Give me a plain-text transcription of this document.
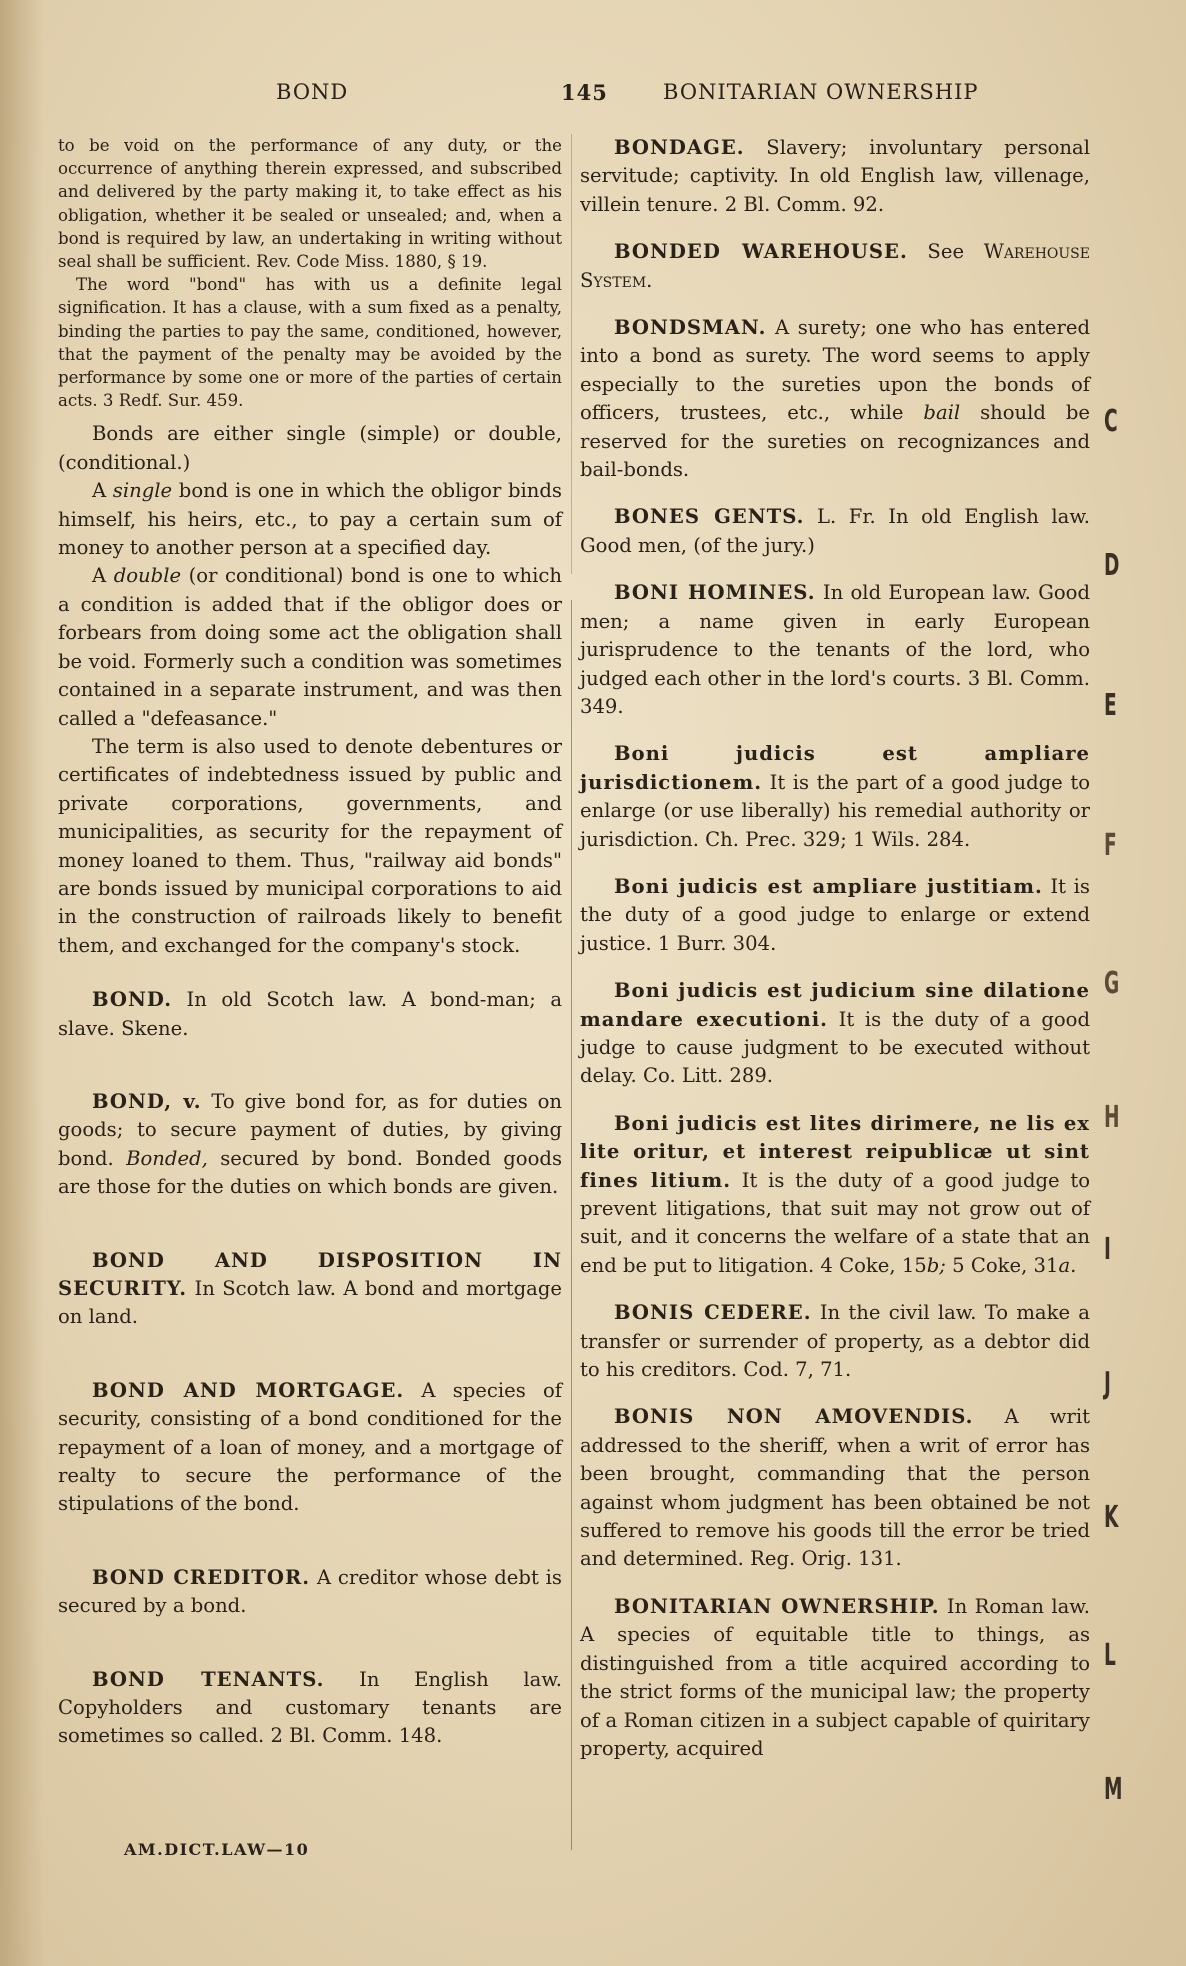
BOND	145	BONITARIAN OWNERSHIP

to be void on the performance of any duty, or the occurrence of anything therein expressed, and subscribed and delivered by the party making it, to take effect as his obligation, whether it be sealed or unsealed; and, when a bond is required by law, an undertaking in writing without seal shall be sufficient. Rev. Code Miss. 1880, § 19.

The word "bond" has with us a definite legal signification. It has a clause, with a sum fixed as a penalty, binding the parties to pay the same, conditioned, however, that the payment of the penalty may be avoided by the performance by some one or more of the parties of certain acts. 3 Redf. Sur. 459.

Bonds are either single (simple) or double, (conditional.)

A single bond is one in which the obligor binds himself, his heirs, etc., to pay a certain sum of money to another person at a specified day.

A double (or conditional) bond is one to which a condition is added that if the obligor does or forbears from doing some act the obligation shall be void. Formerly such a condition was sometimes contained in a separate instrument, and was then called a "defeasance."

The term is also used to denote debentures or certificates of indebtedness issued by public and private corporations, governments, and municipalities, as security for the repayment of money loaned to them. Thus, "railway aid bonds" are bonds issued by municipal corporations to aid in the construction of railroads likely to benefit them, and exchanged for the company's stock.

BOND. In old Scotch law. A bond-man; a slave. Skene.

BOND, v. To give bond for, as for duties on goods; to secure payment of duties, by giving bond. Bonded, secured by bond. Bonded goods are those for the duties on which bonds are given.

BOND AND DISPOSITION IN SECURITY. In Scotch law. A bond and mortgage on land.

BOND AND MORTGAGE. A species of security, consisting of a bond conditioned for the repayment of a loan of money, and a mortgage of realty to secure the performance of the stipulations of the bond.

BOND CREDITOR. A creditor whose debt is secured by a bond.

BOND TENANTS. In English law. Copyholders and customary tenants are sometimes so called. 2 Bl. Comm. 148.

BONDAGE. Slavery; involuntary personal servitude; captivity. In old English law, villenage, villein tenure. 2 Bl. Comm. 92.

BONDED WAREHOUSE. See Warehouse System.

BONDSMAN. A surety; one who has entered into a bond as surety. The word seems to apply especially to the sureties upon the bonds of officers, trustees, etc., while bail should be reserved for the sureties on recognizances and bail-bonds.

BONES GENTS. L. Fr. In old English law. Good men, (of the jury.)

BONI HOMINES. In old European law. Good men; a name given in early European jurisprudence to the tenants of the lord, who judged each other in the lord's courts. 3 Bl. Comm. 349.

Boni judicis est ampliare jurisdictionem. It is the part of a good judge to enlarge (or use liberally) his remedial authority or jurisdiction. Ch. Prec. 329; 1 Wils. 284.

Boni judicis est ampliare justitiam. It is the duty of a good judge to enlarge or extend justice. 1 Burr. 304.

Boni judicis est judicium sine dilatione mandare executioni. It is the duty of a good judge to cause judgment to be executed without delay. Co. Litt. 289.

Boni judicis est lites dirimere, ne lis ex lite oritur, et interest reipublicæ ut sint fines litium. It is the duty of a good judge to prevent litigations, that suit may not grow out of suit, and it concerns the welfare of a state that an end be put to litigation. 4 Coke, 15b; 5 Coke, 31a.

BONIS CEDERE. In the civil law. To make a transfer or surrender of property, as a debtor did to his creditors. Cod. 7, 71.

BONIS NON AMOVENDIS. A writ addressed to the sheriff, when a writ of error has been brought, commanding that the person against whom judgment has been obtained be not suffered to remove his goods till the error be tried and determined. Reg. Orig. 131.

BONITARIAN OWNERSHIP. In Roman law. A species of equitable title to things, as distinguished from a title acquired according to the strict forms of the municipal law; the property of a Roman citizen in a subject capable of quiritary property, acquired

AM.DICT.LAW—10
C
D
E
F
G
H
I
J
K
L
M
